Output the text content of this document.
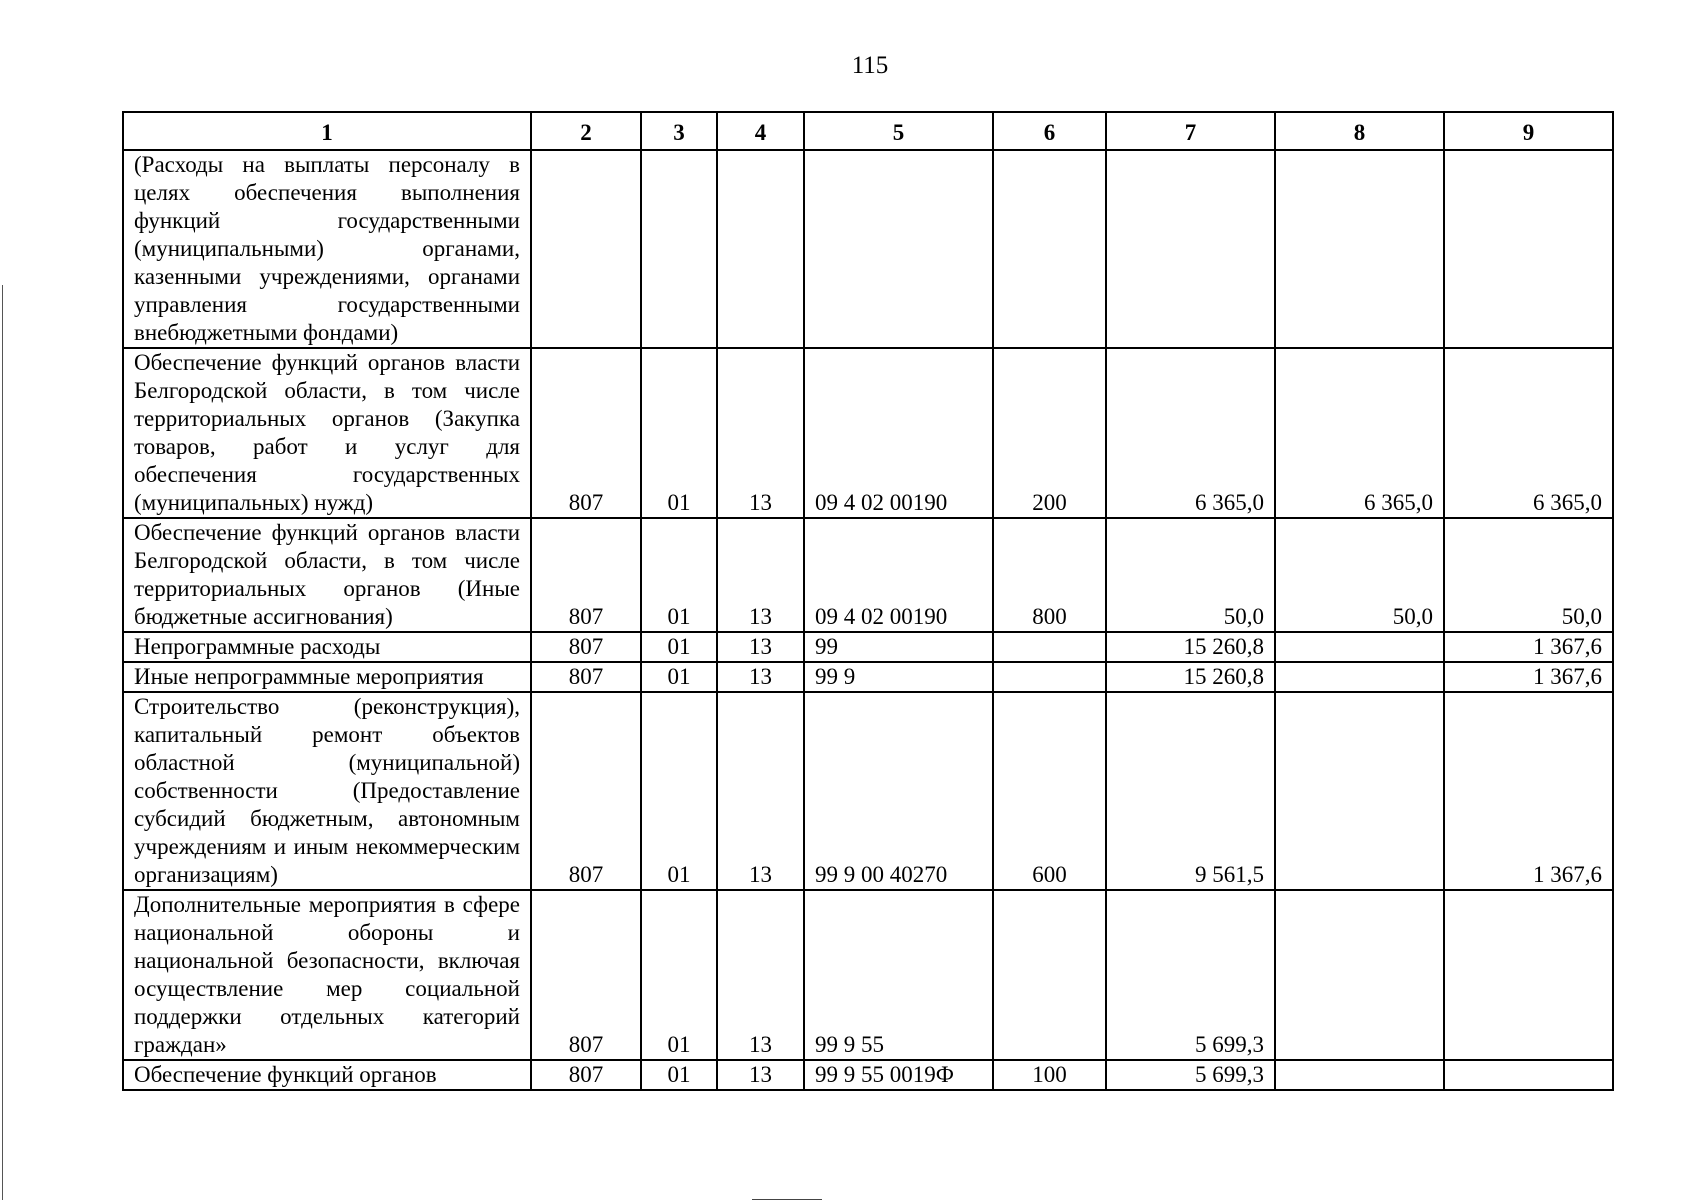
115
1	2	3	4	5	6	7	8	9
(Расходы на выплаты персоналу в целях обеспечения выполнения функций государственными (муниципальными) органами, казенными учреждениями, органами управления государственными внебюджетными фондами)								
Обеспечение функций органов власти Белгородской области, в том числе территориальных органов (Закупка товаров, работ и услуг для обеспечения государственных (муниципальных) нужд)	807	01	13	09 4 02 00190	200	6 365,0	6 365,0	6 365,0
Обеспечение функций органов власти Белгородской области, в том числе территориальных органов (Иные бюджетные ассигнования)	807	01	13	09 4 02 00190	800	50,0	50,0	50,0
Непрограммные расходы	807	01	13	99		15 260,8		1 367,6
Иные непрограммные мероприятия	807	01	13	99 9		15 260,8		1 367,6
Строительство (реконструкция), капитальный ремонт объектов областной (муниципальной) собственности (Предоставление субсидий бюджетным, автономным учреждениям и иным некоммерческим организациям)	807	01	13	99 9 00 40270	600	9 561,5		1 367,6
Дополнительные мероприятия в сфере национальной обороны и национальной безопасности, включая осуществление мер социальной поддержки отдельных категорий граждан»	807	01	13	99 9 55		5 699,3		
Обеспечение функций органов	807	01	13	99 9 55 0019Ф	100	5 699,3		
